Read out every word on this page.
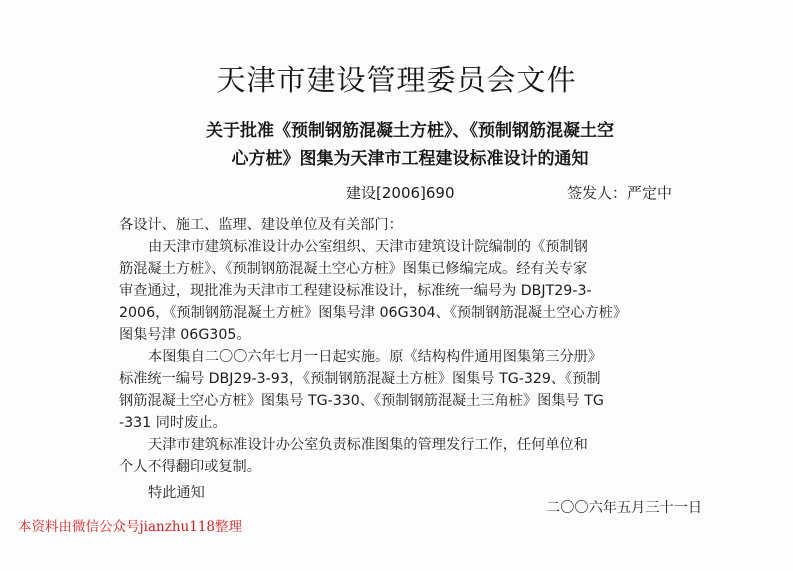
天津市建设管理委员会文件
关于批准《预制钢筋混凝土方桩》、《预制钢筋混凝土空
心方桩》图集为天津市工程建设标准设计的通知
建设[2006]690	签发人：严定中
各设计、施工、监理、建设单位及有关部门：
由天津市建筑标准设计办公室组织、天津市建筑设计院编制的《预制钢
筋混凝土方桩》、《预制钢筋混凝土空心方桩》图集已修编完成。经有关专家
审查通过，现批准为天津市工程建设标准设计，标准统一编号为 DBJT29-3-
2006，《预制钢筋混凝土方桩》图集号津 06G304、《预制钢筋混凝土空心方桩》
图集号津 06G305。
本图集自二〇〇六年七月一日起实施。原《结构构件通用图集第三分册》
标准统一编号 DBJ29-3-93，《预制钢筋混凝土方桩》图集号 TG-329、《预制
钢筋混凝土空心方桩》图集号 TG-330、《预制钢筋混凝土三角桩》图集号 TG
-331 同时废止。
天津市建筑标准设计办公室负责标准图集的管理发行工作，任何单位和
个人不得翻印或复制。
特此通知
二〇〇六年五月三十一日
本资料由微信公众号jianzhu118整理
